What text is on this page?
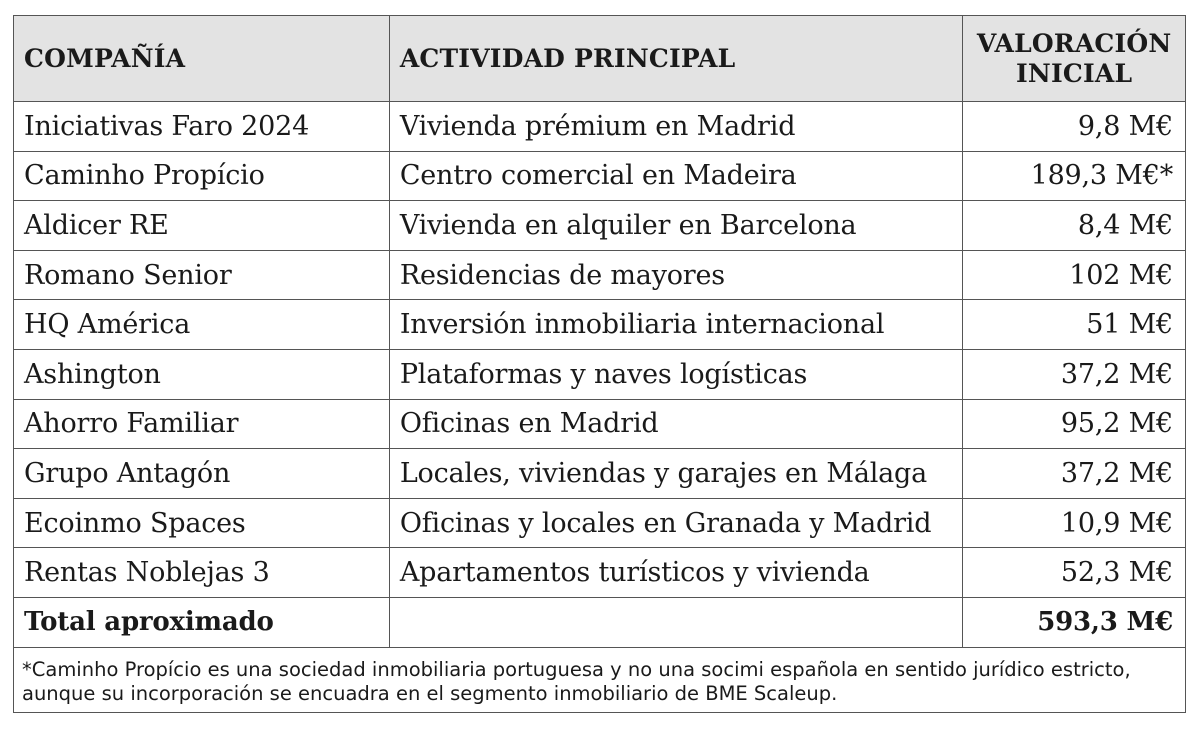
COMPAÑÍA	ACTIVIDAD PRINCIPAL	VALORACIÓN INICIAL
Iniciativas Faro 2024	Vivienda prémium en Madrid	9,8 M€
Caminho Propício	Centro comercial en Madeira	189,3 M€*
Aldicer RE	Vivienda en alquiler en Barcelona	8,4 M€
Romano Senior	Residencias de mayores	102 M€
HQ América	Inversión inmobiliaria internacional	51 M€
Ashington	Plataformas y naves logísticas	37,2 M€
Ahorro Familiar	Oficinas en Madrid	95,2 M€
Grupo Antagón	Locales, viviendas y garajes en Málaga	37,2 M€
Ecoinmo Spaces	Oficinas y locales en Granada y Madrid	10,9 M€
Rentas Noblejas 3	Apartamentos turísticos y vivienda	52,3 M€
Total aproximado		593,3 M€
*Caminho Propício es una sociedad inmobiliaria portuguesa y no una socimi española en sentido jurídico estricto, aunque su incorporación se encuadra en el segmento inmobiliario de BME Scaleup.
